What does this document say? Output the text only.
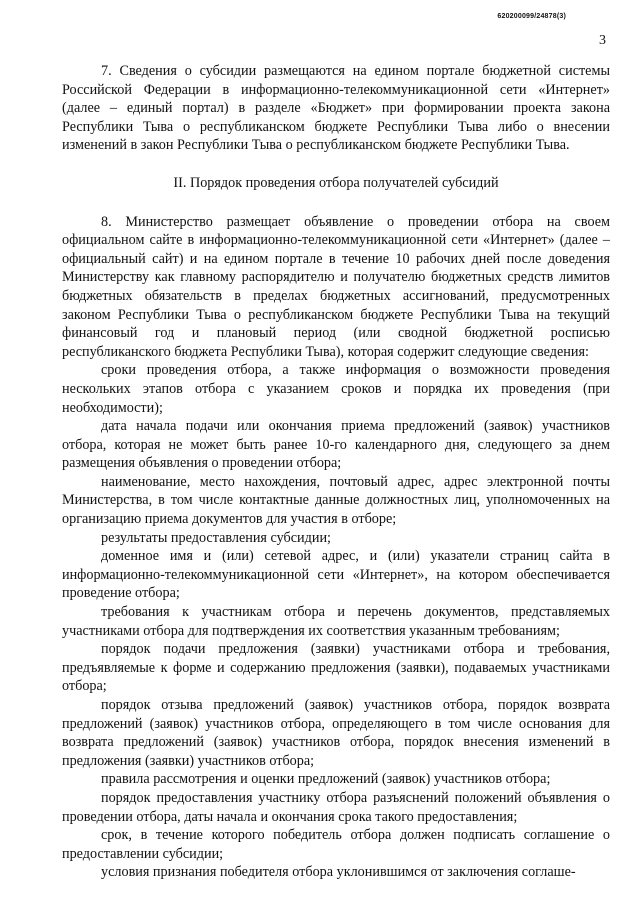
620200099/24878(3)
3

7. Сведения о субсидии размещаются на едином портале бюджетной системы Российской Федерации в информационно-телекоммуникационной сети «Интернет» (далее – единый портал) в разделе «Бюджет» при формировании проекта закона Республики Тыва о республиканском бюджете Республики Тыва либо о внесении изменений в закон Республики Тыва о республиканском бюджете Республики Тыва.

II. Порядок проведения отбора получателей субсидий

8. Министерство размещает объявление о проведении отбора на своем официальном сайте в информационно-телекоммуникационной сети «Интернет» (далее – официальный сайт) и на едином портале в течение 10 рабочих дней после доведения Министерству как главному распорядителю и получателю бюджетных средств лимитов бюджетных обязательств в пределах бюджетных ассигнований, предусмотренных законом Республики Тыва о республиканском бюджете Республики Тыва на текущий финансовый год и плановый период (или сводной бюджетной росписью республиканского бюджета Республики Тыва), которая содержит следующие сведения:

сроки проведения отбора, а также информация о возможности проведения нескольких этапов отбора с указанием сроков и порядка их проведения (при необходимости);

дата начала подачи или окончания приема предложений (заявок) участников отбора, которая не может быть ранее 10-го календарного дня, следующего за днем размещения объявления о проведении отбора;

наименование, место нахождения, почтовый адрес, адрес электронной почты Министерства, в том числе контактные данные должностных лиц, уполномоченных на организацию приема документов для участия в отборе;

результаты предоставления субсидии;

доменное имя и (или) сетевой адрес, и (или) указатели страниц сайта в информационно-телекоммуникационной сети «Интернет», на котором обеспечивается проведение отбора;

требования к участникам отбора и перечень документов, представляемых участниками отбора для подтверждения их соответствия указанным требованиям;

порядок подачи предложения (заявки) участниками отбора и требования, предъявляемые к форме и содержанию предложения (заявки), подаваемых участниками отбора;

порядок отзыва предложений (заявок) участников отбора, порядок возврата предложений (заявок) участников отбора, определяющего в том числе основания для возврата предложений (заявок) участников отбора, порядок внесения изменений в предложения (заявки) участников отбора;

правила рассмотрения и оценки предложений (заявок) участников отбора;

порядок предоставления участнику отбора разъяснений положений объявления о проведении отбора, даты начала и окончания срока такого предоставления;

срок, в течение которого победитель отбора должен подписать соглашение о предоставлении субсидии;

условия признания победителя отбора уклонившимся от заключения соглаше-
